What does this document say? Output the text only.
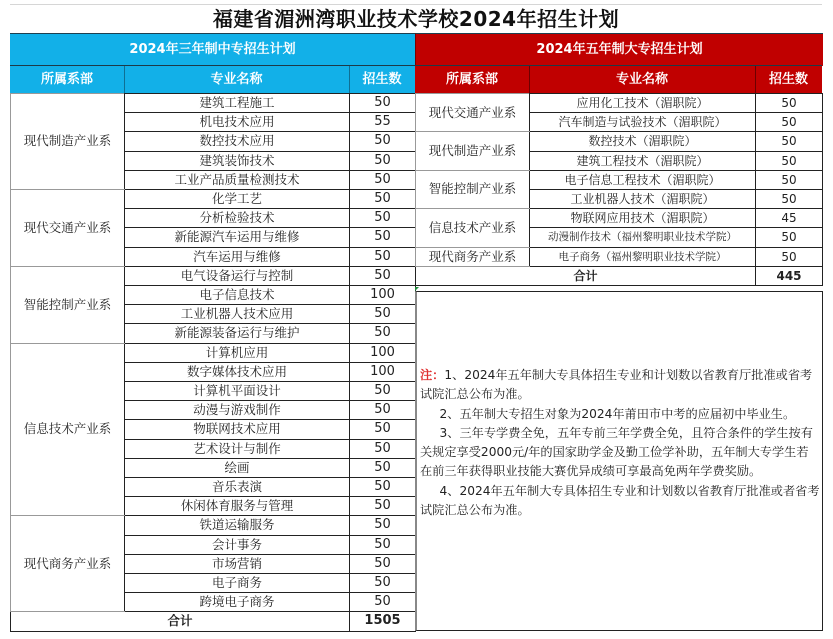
福建省湄洲湾职业技术学校2024年招生计划
2024年三年制中专招生计划	2024年五年制大专招生计划
所属系部	专业名称	招生数	所属系部	专业名称	招生数
现代制造产业系	建筑工程施工	50
	机电技术应用	55
	数控技术应用	50
	建筑装饰技术	50
	工业产品质量检测技术	50
现代交通产业系	化学工艺	50
	分析检验技术	50
	新能源汽车运用与维修	50
	汽车运用与维修	50
智能控制产业系	电气设备运行与控制	50
	电子信息技术	100
	工业机器人技术应用	50
	新能源装备运行与维护	50
信息技术产业系	计算机应用	100
	数字媒体技术应用	100
	计算机平面设计	50
	动漫与游戏制作	50
	物联网技术应用	50
	艺术设计与制作	50
	绘画	50
	音乐表演	50
	休闲体育服务与管理	50
现代商务产业系	铁道运输服务	50
	会计事务	50
	市场营销	50
	电子商务	50
	跨境电子商务	50
合计		1505
现代交通产业系	应用化工技术（湄职院）	50
	汽车制造与试验技术（湄职院）	50
现代制造产业系	数控技术（湄职院）	50
	建筑工程技术（湄职院）	50
智能控制产业系	电子信息工程技术（湄职院）	50
	工业机器人技术（湄职院）	50
信息技术产业系	物联网应用技术（湄职院）	45
	动漫制作技术（福州黎明职业技术学院）	50
现代商务产业系	电子商务（福州黎明职业技术学院）	50
合计		445

注：1、2024年五年制大专具体招生专业和计划数以省教育厅批准或省考试院汇总公布为准。

2、五年制大专招生对象为2024年莆田市中考的应届初中毕业生。

3、三年专学费全免，五年专前三年学费全免，且符合条件的学生按有关规定享受2000元/年的国家助学金及勤工俭学补助，五年制大专学生若在前三年获得职业技能大赛优异成绩可享最高免两年学费奖励。

4、2024年五年制大专具体招生专业和计划数以省教育厅批准或者省考试院汇总公布为准。
